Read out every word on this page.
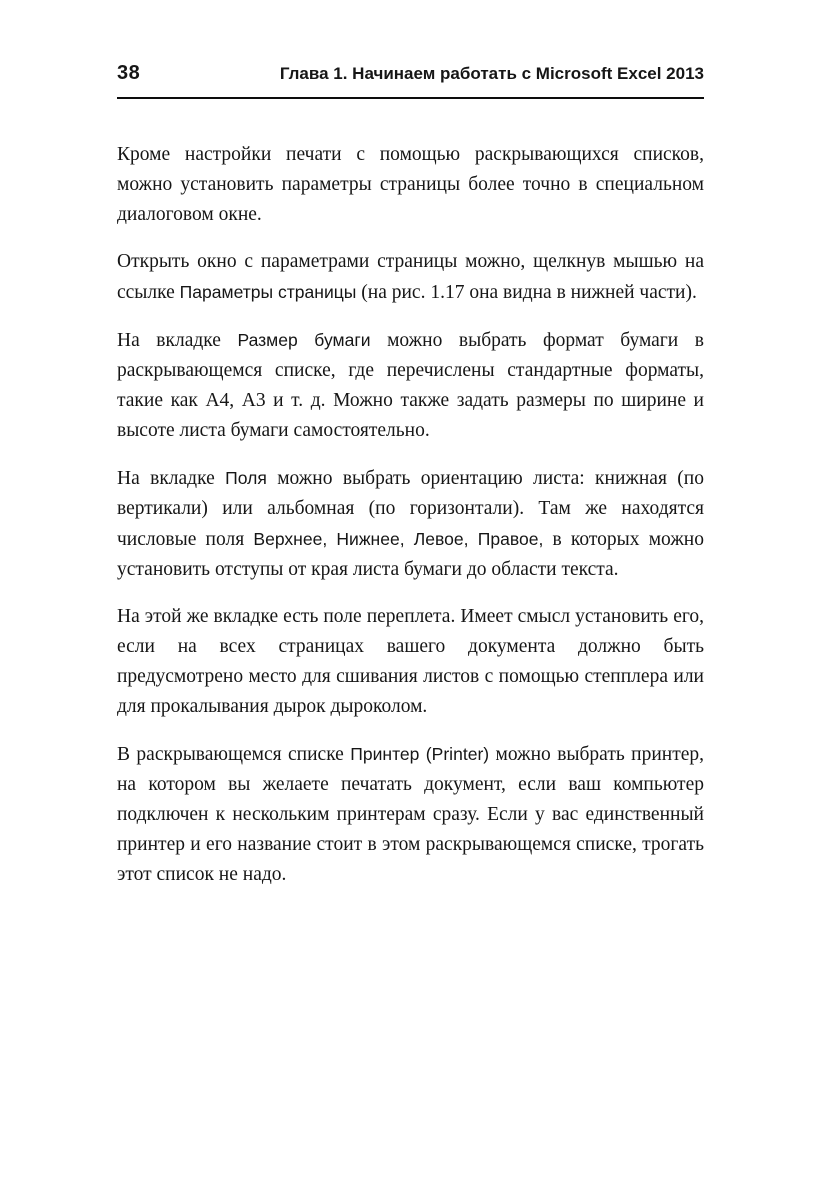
38	Глава 1. Начинаем работать с Microsoft Excel 2013

Кроме настройки печати с помощью раскрывающихся списков, можно установить параметры страницы более точно в специальном диалоговом окне.

Открыть окно с параметрами страницы можно, щелкнув мышью на ссылке Параметры страницы (на рис. 1.17 она видна в нижней части).

На вкладке Размер бумаги можно выбрать формат бумаги в раскрывающемся списке, где перечислены стандартные форматы, такие как А4, А3 и т. д. Можно также задать размеры по ширине и высоте листа бумаги самостоятельно.

На вкладке Поля можно выбрать ориентацию листа: книжная (по вертикали) или альбомная (по горизонтали). Там же находятся числовые поля Верхнее, Нижнее, Левое, Правое, в которых можно установить отступы от края листа бумаги до области текста.

На этой же вкладке есть поле переплета. Имеет смысл установить его, если на всех страницах вашего документа должно быть предусмотрено место для сшивания листов с помощью степплера или для прокалывания дырок дыроколом.

В раскрывающемся списке Принтер (Printer) можно выбрать принтер, на котором вы желаете печатать документ, если ваш компьютер подключен к нескольким принтерам сразу. Если у вас единственный принтер и его название стоит в этом раскрывающемся списке, трогать этот список не надо.
